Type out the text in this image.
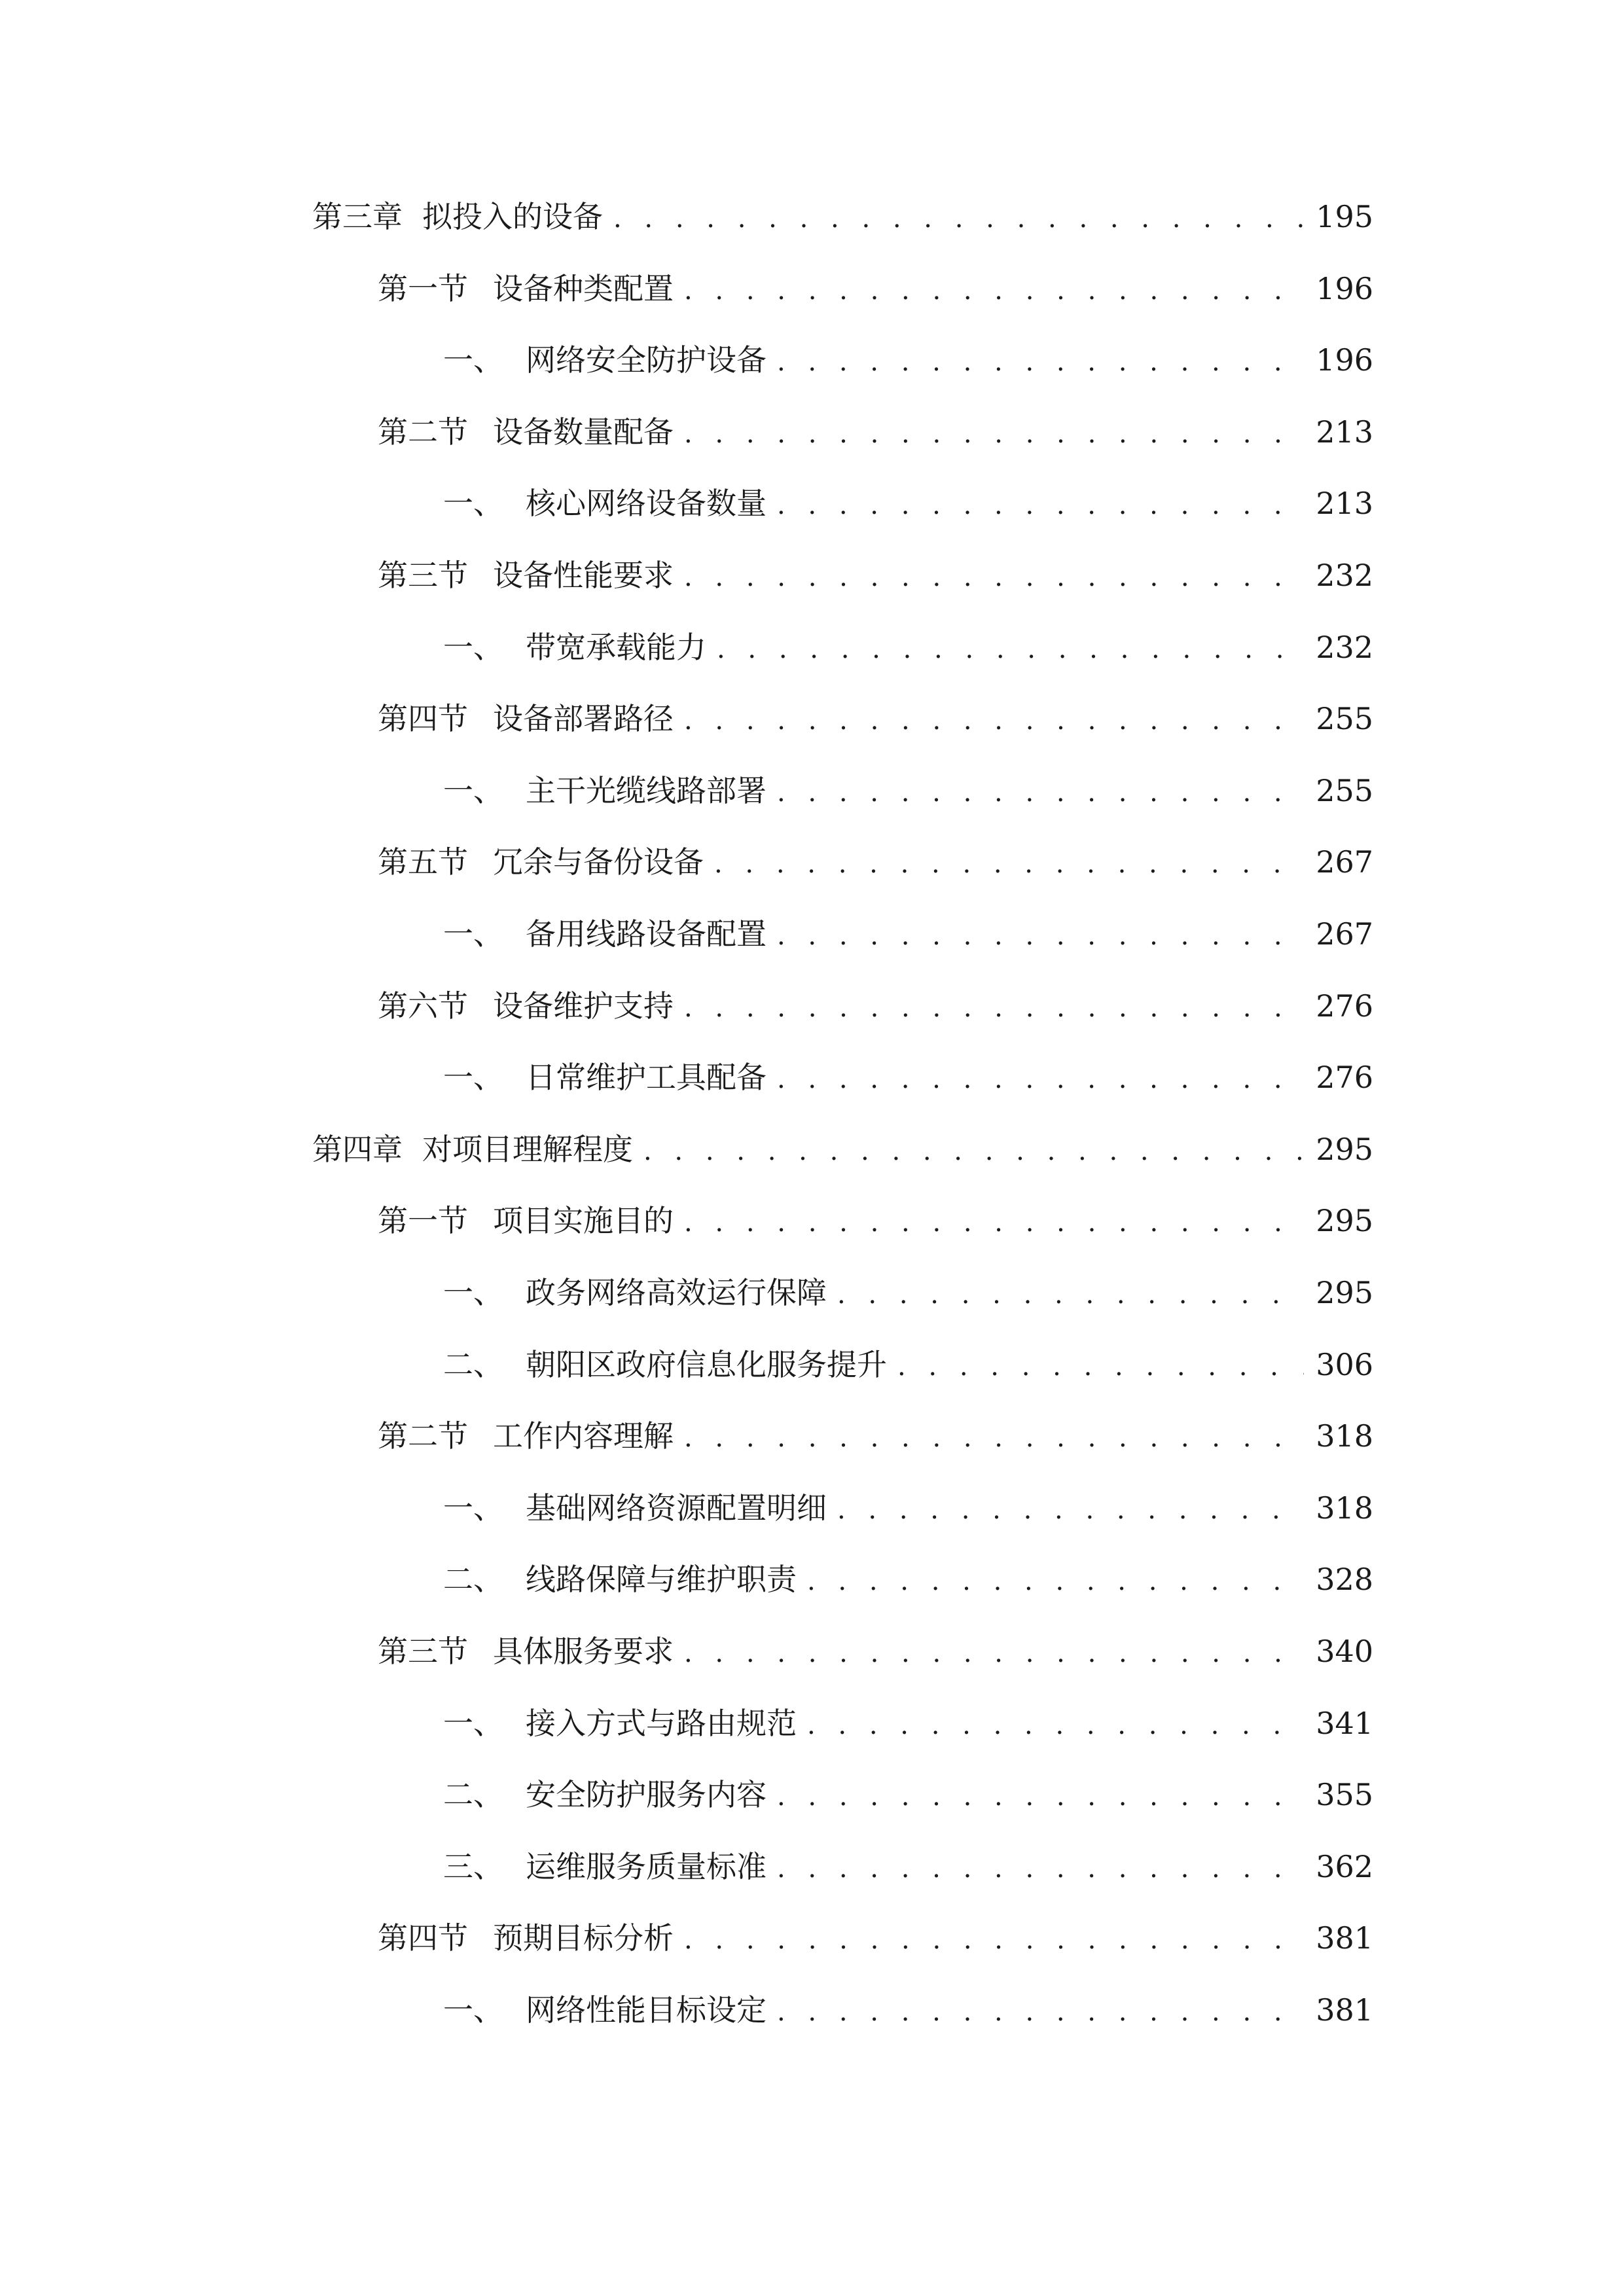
第三章 拟投入的设备 . . .	195
第一节 设备种类配置 . . .	196
一、 网络安全防护设备 . . .	196
第二节 设备数量配备 . . .	213
一、 核心网络设备数量 . . .	213
第三节 设备性能要求 . . .	232
一、 带宽承载能力 . . .	232
第四节 设备部署路径 . . .	255
一、 主干光缆线路部署 . . .	255
第五节 冗余与备份设备 . . .	267
一、 备用线路设备配置 . . .	267
第六节 设备维护支持 . . .	276
一、 日常维护工具配备 . . .	276
第四章 对项目理解程度 . . .	295
第一节 项目实施目的 . . .	295
一、 政务网络高效运行保障 . . .	295
二、 朝阳区政府信息化服务提升 . . .	306
第二节 工作内容理解 . . .	318
一、 基础网络资源配置明细 . . .	318
二、 线路保障与维护职责 . . .	328
第三节 具体服务要求 . . .	340
一、 接入方式与路由规范 . . .	341
二、 安全防护服务内容 . . .	355
三、 运维服务质量标准 . . .	362
第四节 预期目标分析 . . .	381
一、 网络性能目标设定 . . .	381
